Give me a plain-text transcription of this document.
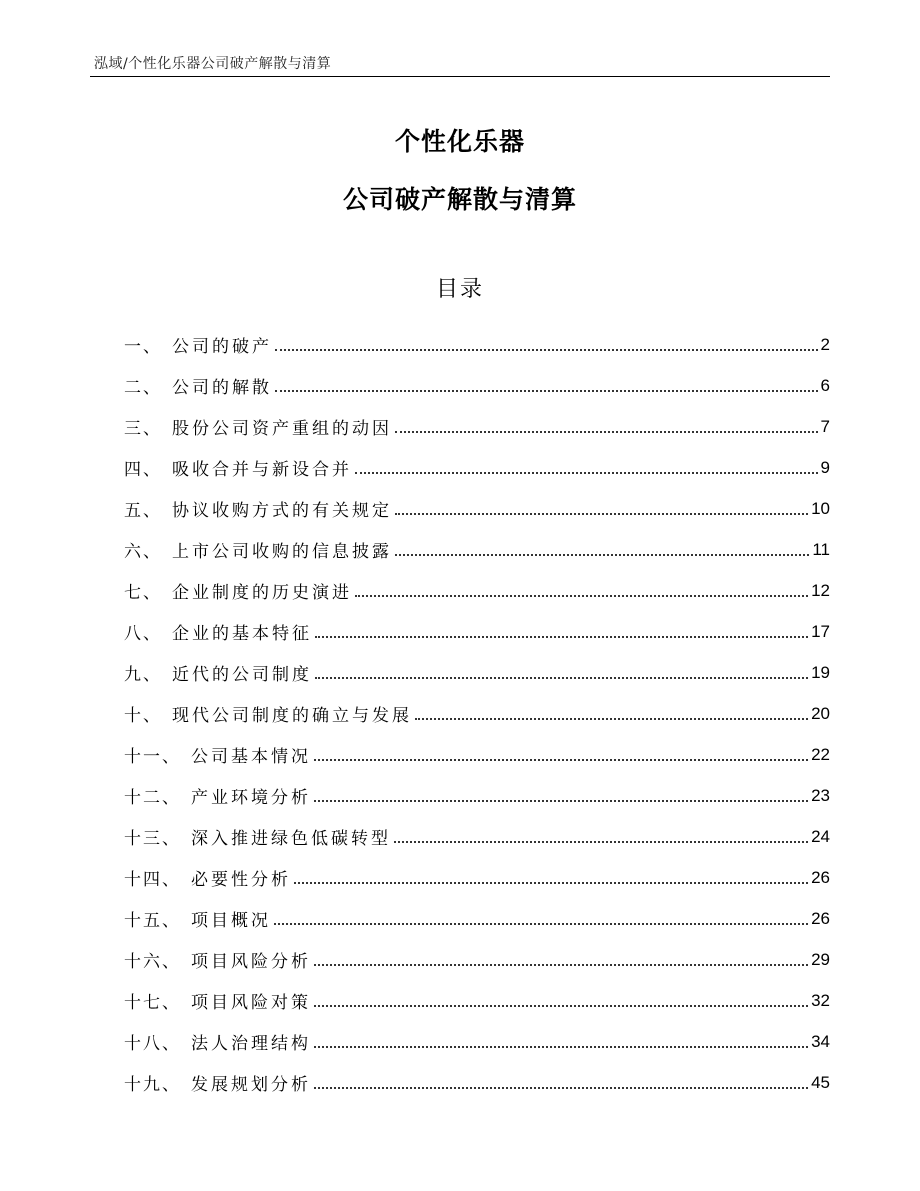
泓域/个性化乐器公司破产解散与清算
个性化乐器
公司破产解散与清算
目录
一、 公司的破产	2
二、 公司的解散	6
三、 股份公司资产重组的动因	7
四、 吸收合并与新设合并	9
五、 协议收购方式的有关规定	10
六、 上市公司收购的信息披露	11
七、 企业制度的历史演进	12
八、 企业的基本特征	17
九、 近代的公司制度	19
十、 现代公司制度的确立与发展	20
十一、 公司基本情况	22
十二、 产业环境分析	23
十三、 深入推进绿色低碳转型	24
十四、 必要性分析	26
十五、 项目概况	26
十六、 项目风险分析	29
十七、 项目风险对策	32
十八、 法人治理结构	34
十九、 发展规划分析	45
